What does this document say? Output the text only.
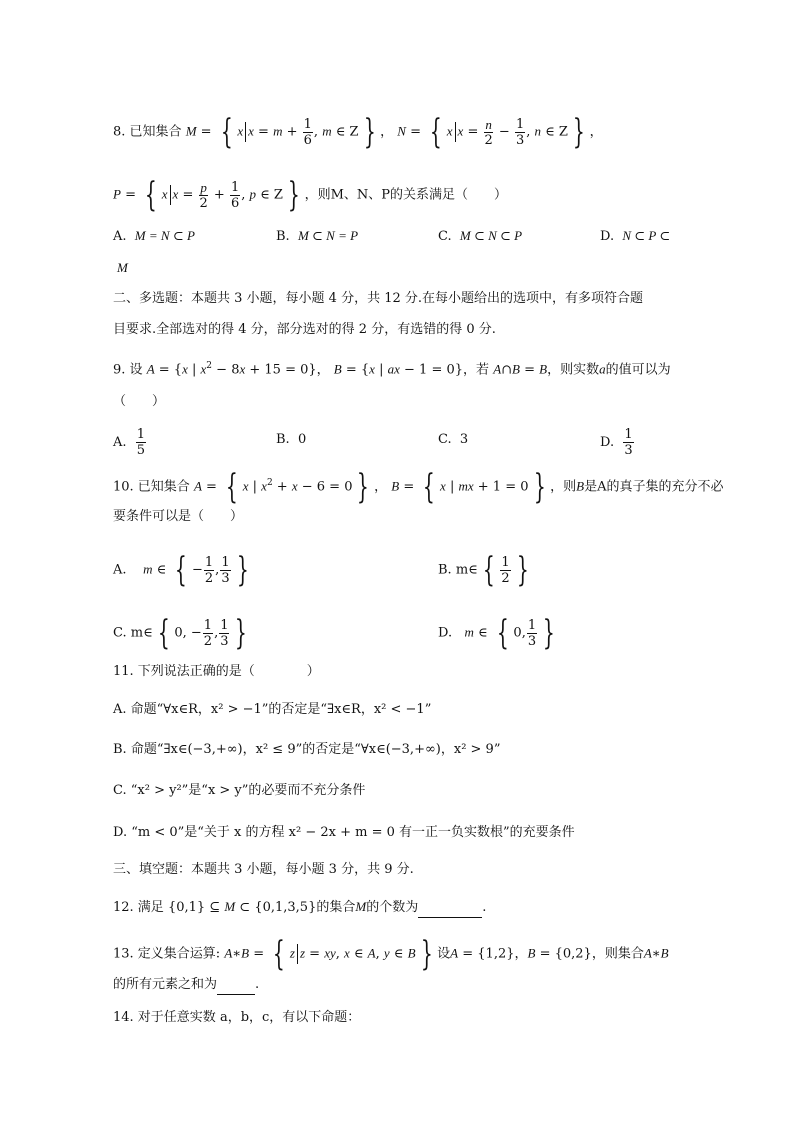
8. 已知集合 M = { x $x = m + \frac{1}{6}$ , m ∈ Z } ， N = { x $x = \frac{n}{2} - \frac{1}{3}$ , n ∈ Z } ，
P = { x $x = \frac{p}{2} + \frac{1}{6}$ , p ∈ Z } ，则M、N、P的关系满足（　　）
A. M = N ⊂ P	B. M ⊂ N = P	C. M ⊂ N ⊂ P	D. N ⊂ P ⊂
M
二、多选题：本题共 3 小题，每小题 4 分，共 12 分.在每小题给出的选项中，有多项符合题
目要求.全部选对的得 4 分，部分选对的得 2 分，有选错的得 0 分.
9. 设 A = {x | $x^2 - 8x + 15 = 0$}， B = {x | ax − 1 = 0}，若 A∩B = B，则实数a的值可以为
（　　）
A. $\frac{1}{5}$	B. 0	C. 3	D. $\frac{1}{3}$
10. 已知集合 A = { x | $x^2 + x - 6 = 0$ } ， B = { x | mx + 1 = 0 } ，则B是A的真子集的充分不必
要条件可以是（　　）
A. m ∈ { − $\frac{1}{2}$ , $\frac{1}{3}$ }	B. m∈ { $\frac{1}{2}$ }
C. m∈ { 0, − $\frac{1}{2}$ , $\frac{1}{3}$ }	D. m ∈ { 0, $\frac{1}{3}$ }
11. 下列说法正确的是（　　　　）
A. 命题“∀x∈R，x² > −1”的否定是“∃x∈R，x² < −1”
B. 命题“∃x∈(−3,+∞)，x² ≤ 9”的否定是“∀x∈(−3,+∞)，x² > 9”
C. “x² > y²”是“x > y”的必要而不充分条件
D. “m < 0”是“关于 x 的方程 x² − 2x + m = 0 有一正一负实数根”的充要条件
三、填空题：本题共 3 小题，每小题 3 分，共 9 分.
12. 满足 {0,1} ⊆ M ⊂ {0,1,3,5}的集合M的个数为	.
13. 定义集合运算: A∗B = { z z = xy, x ∈ A, y ∈ B } 设A = {1,2}，B = {0,2}，则集合A∗B
的所有元素之和为	.
14. 对于任意实数 a，b，c，有以下命题：
